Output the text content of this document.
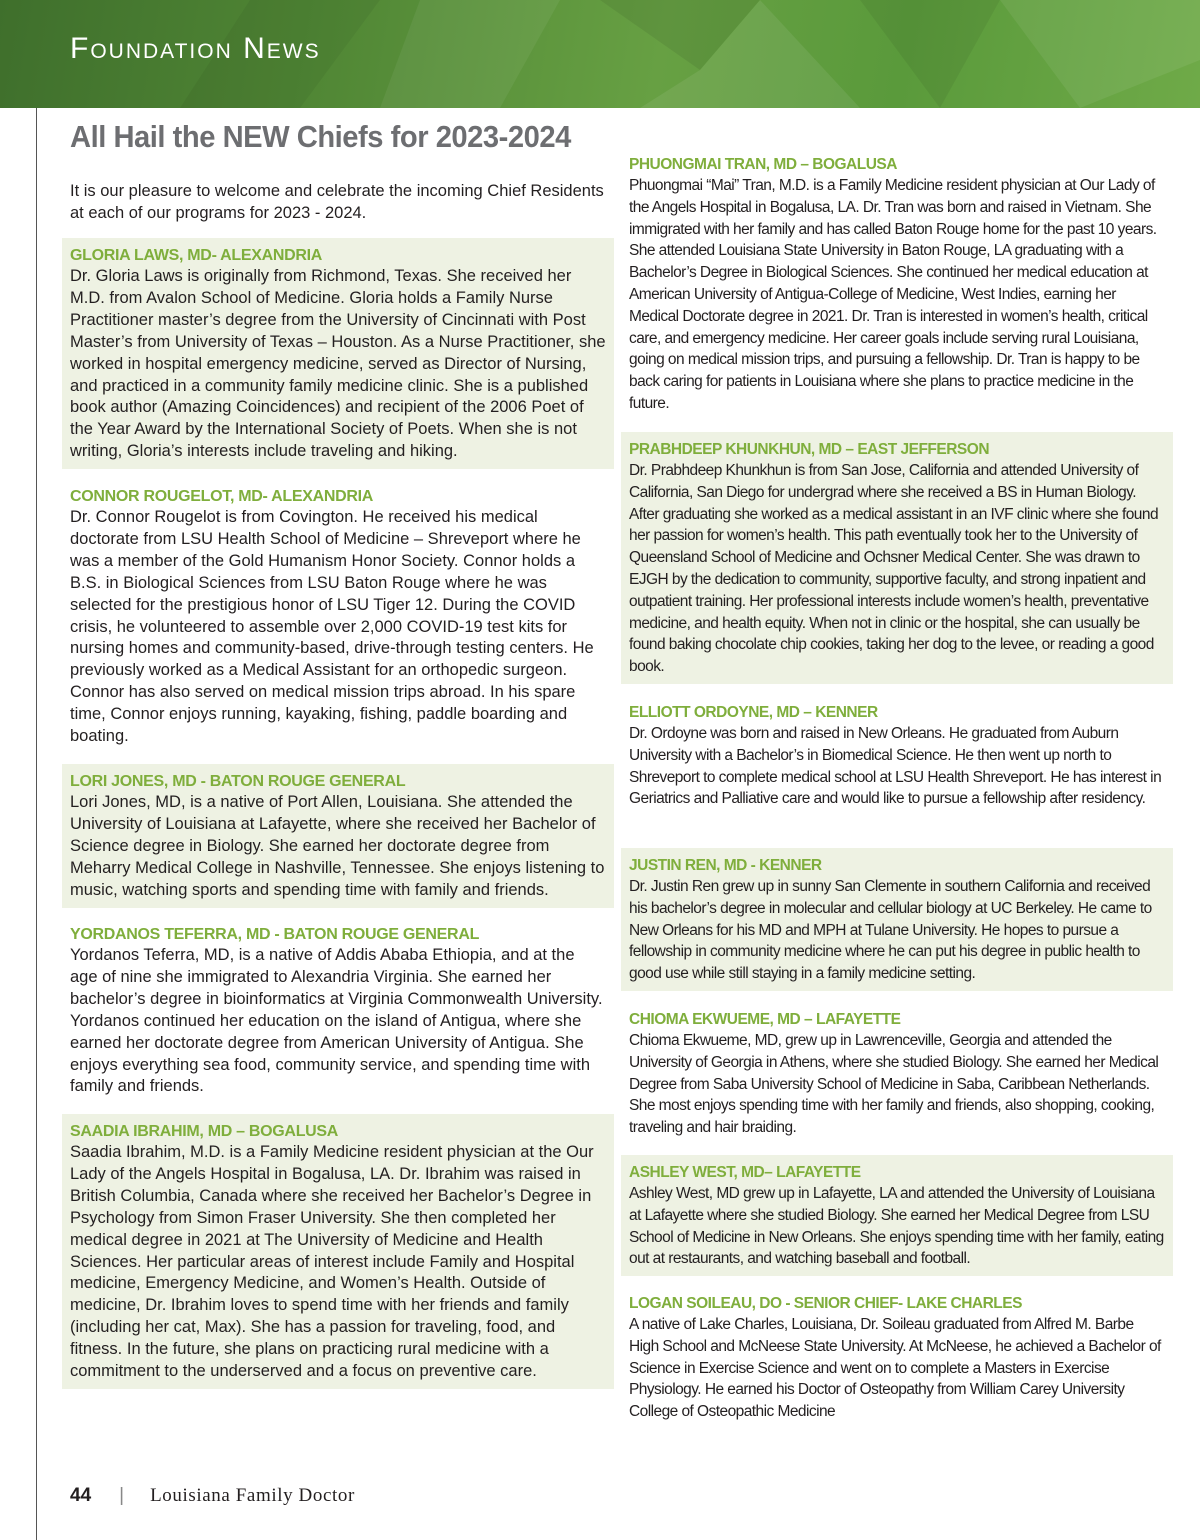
Foundation News
All Hail the NEW Chiefs for 2023-2024

It is our pleasure to welcome and celebrate the incoming Chief Residents at each of our programs for 2023 - 2024.

GLORIA LAWS, MD- ALEXANDRIA

Dr. Gloria Laws is originally from Richmond, Texas. She received her M.D. from Avalon School of Medicine. Gloria holds a Family Nurse Practitioner master’s degree from the University of Cincinnati with Post Master’s from University of Texas – Houston. As a Nurse Practitioner, she worked in hospital emergency medicine, served as Director of Nursing, and practiced in a community family medicine clinic. She is a published book author (Amazing Coincidences) and recipient of the 2006 Poet of the Year Award by the International Society of Poets. When she is not writing, Gloria’s interests include traveling and hiking.

CONNOR ROUGELOT, MD- ALEXANDRIA

Dr. Connor Rougelot is from Covington. He received his medical doctorate from LSU Health School of Medicine – Shreveport where he was a member of the Gold Humanism Honor Society. Connor holds a B.S. in Biological Sciences from LSU Baton Rouge where he was selected for the prestigious honor of LSU Tiger 12. During the COVID crisis, he volunteered to assemble over 2,000 COVID-19 test kits for nursing homes and community-based, drive-through testing centers. He previously worked as a Medical Assistant for an orthopedic surgeon. Connor has also served on medical mission trips abroad. In his spare time, Connor enjoys running, kayaking, fishing, paddle boarding and boating.

LORI JONES, MD - BATON ROUGE GENERAL

Lori Jones, MD, is a native of Port Allen, Louisiana. She attended the University of Louisiana at Lafayette, where she received her Bachelor of Science degree in Biology. She earned her doctorate degree from Meharry Medical College in Nashville, Tennessee. She enjoys listening to music, watching sports and spending time with family and friends.

YORDANOS TEFERRA, MD - BATON ROUGE GENERAL

Yordanos Teferra, MD, is a native of Addis Ababa Ethiopia, and at the age of nine she immigrated to Alexandria Virginia. She earned her bachelor’s degree in bioinformatics at Virginia Commonwealth University. Yordanos continued her education on the island of Antigua, where she earned her doctorate degree from American University of Antigua. She enjoys everything sea food, community service, and spending time with family and friends.

SAADIA IBRAHIM, MD – BOGALUSA

Saadia Ibrahim, M.D. is a Family Medicine resident physician at the Our Lady of the Angels Hospital in Bogalusa, LA. Dr. Ibrahim was raised in British Columbia, Canada where she received her Bachelor’s Degree in Psychology from Simon Fraser University. She then completed her medical degree in 2021 at The University of Medicine and Health Sciences. Her particular areas of interest include Family and Hospital medicine, Emergency Medicine, and Women’s Health. Outside of medicine, Dr. Ibrahim loves to spend time with her friends and family (including her cat, Max). She has a passion for traveling, food, and fitness. In the future, she plans on practicing rural medicine with a commitment to the underserved and a focus on preventive care.

PHUONGMAI TRAN, MD – BOGALUSA

Phuongmai “Mai” Tran, M.D. is a Family Medicine resident physician at Our Lady of the Angels Hospital in Bogalusa, LA. Dr. Tran was born and raised in Vietnam. She immigrated with her family and has called Baton Rouge home for the past 10 years. She attended Louisiana State University in Baton Rouge, LA graduating with a Bachelor’s Degree in Biological Sciences. She continued her medical education at American University of Antigua-College of Medicine, West Indies, earning her Medical Doctorate degree in 2021. Dr. Tran is interested in women’s health, critical care, and emergency medicine. Her career goals include serving rural Louisiana, going on medical mission trips, and pursuing a fellowship. Dr. Tran is happy to be back caring for patients in Louisiana where she plans to practice medicine in the future.

PRABHDEEP KHUNKHUN, MD – EAST JEFFERSON

Dr. Prabhdeep Khunkhun is from San Jose, California and attended University of California, San Diego for undergrad where she received a BS in Human Biology. After graduating she worked as a medical assistant in an IVF clinic where she found her passion for women’s health. This path eventually took her to the University of Queensland School of Medicine and Ochsner Medical Center. She was drawn to EJGH by the dedication to community, supportive faculty, and strong inpatient and outpatient training. Her professional interests include women’s health, preventative medicine, and health equity. When not in clinic or the hospital, she can usually be found baking chocolate chip cookies, taking her dog to the levee, or reading a good book.

ELLIOTT ORDOYNE, MD – KENNER

Dr. Ordoyne was born and raised in New Orleans. He graduated from Auburn University with a Bachelor’s in Biomedical Science. He then went up north to Shreveport to complete medical school at LSU Health Shreveport. He has interest in Geriatrics and Palliative care and would like to pursue a fellowship after residency.

JUSTIN REN, MD - KENNER

Dr. Justin Ren grew up in sunny San Clemente in southern California and received his bachelor’s degree in molecular and cellular biology at UC Berkeley. He came to New Orleans for his MD and MPH at Tulane University. He hopes to pursue a fellowship in community medicine where he can put his degree in public health to good use while still staying in a family medicine setting.

CHIOMA EKWUEME, MD – LAFAYETTE

Chioma Ekwueme, MD, grew up in Lawrenceville, Georgia and attended the University of Georgia in Athens, where she studied Biology. She earned her Medical Degree from Saba University School of Medicine in Saba, Caribbean Netherlands. She most enjoys spending time with her family and friends, also shopping, cooking, traveling and hair braiding.

ASHLEY WEST, MD– LAFAYETTE

Ashley West, MD grew up in Lafayette, LA and attended the University of Louisiana at Lafayette where she studied Biology. She earned her Medical Degree from LSU School of Medicine in New Orleans. She enjoys spending time with her family, eating out at restaurants, and watching baseball and football.

LOGAN SOILEAU, DO - SENIOR CHIEF- LAKE CHARLES

A native of Lake Charles, Louisiana, Dr. Soileau graduated from Alfred M. Barbe High School and McNeese State University. At McNeese, he achieved a Bachelor of Science in Exercise Science and went on to complete a Masters in Exercise Physiology. He earned his Doctor of Osteopathy from William Carey University College of Osteopathic Medicine

44 | Louisiana Family Doctor
